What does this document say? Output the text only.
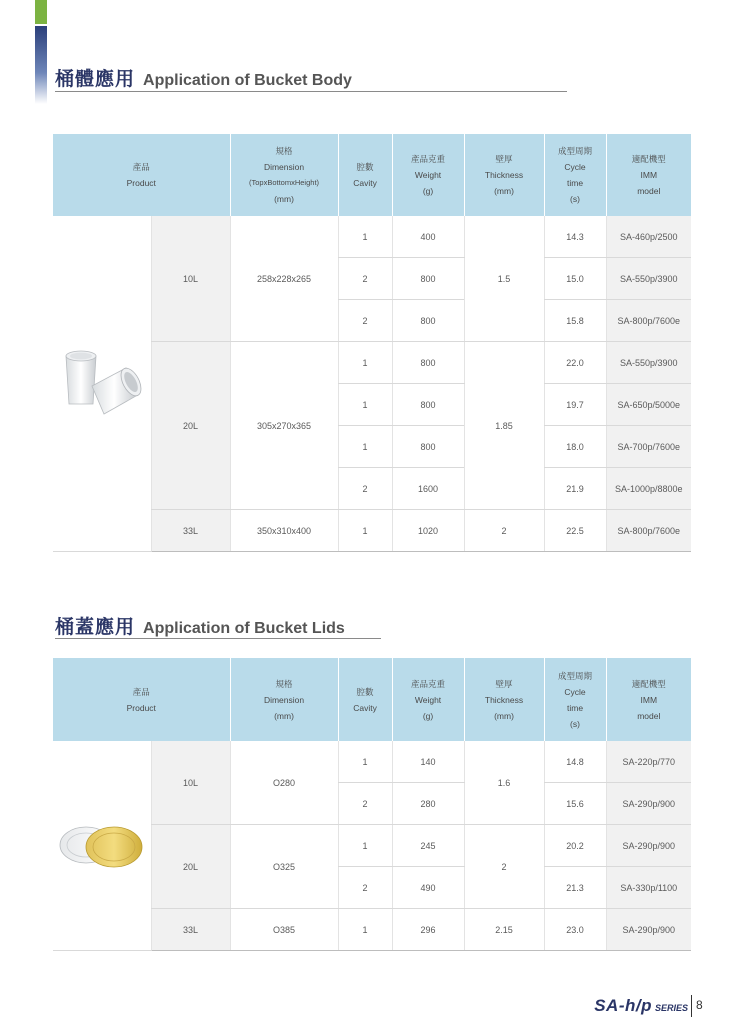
桶體應用 Application of Bucket Body
產品
Product		規格
Dimension
(TopxBottomxHeight)
(mm)	腔數
Cavity	產品克重
Weight
(g)	壁厚
Thickness
(mm)	成型周期
Cycle
time
(s)	適配機型
IMM
model

	10L	258x228x265	1	400	1.5	14.3	SA-460p/2500
			2	800		15.0	SA-550p/3900
			2	800		15.8	SA-800p/7600e
	20L	305x270x365	1	800	1.85	22.0	SA-550p/3900
			1	800		19.7	SA-650p/5000e
			1	800		18.0	SA-700p/7600e
			2	1600		21.9	SA-1000p/8800e
	33L	350x310x400	1	1020	2	22.5	SA-800p/7600e
桶蓋應用 Application of Bucket Lids
產品
Product		規格
Dimension
(mm)	腔數
Cavity	產品克重
Weight
(g)	壁厚
Thickness
(mm)	成型周期
Cycle
time
(s)	適配機型
IMM
model

	10L	O280	1	140	1.6	14.8	SA-220p/770
			2	280		15.6	SA-290p/900
	20L	O325	1	245	2	20.2	SA-290p/900
			2	490		21.3	SA-330p/1100
	33L	O385	1	296	2.15	23.0	SA-290p/900
SA-h/p SERIES 8
